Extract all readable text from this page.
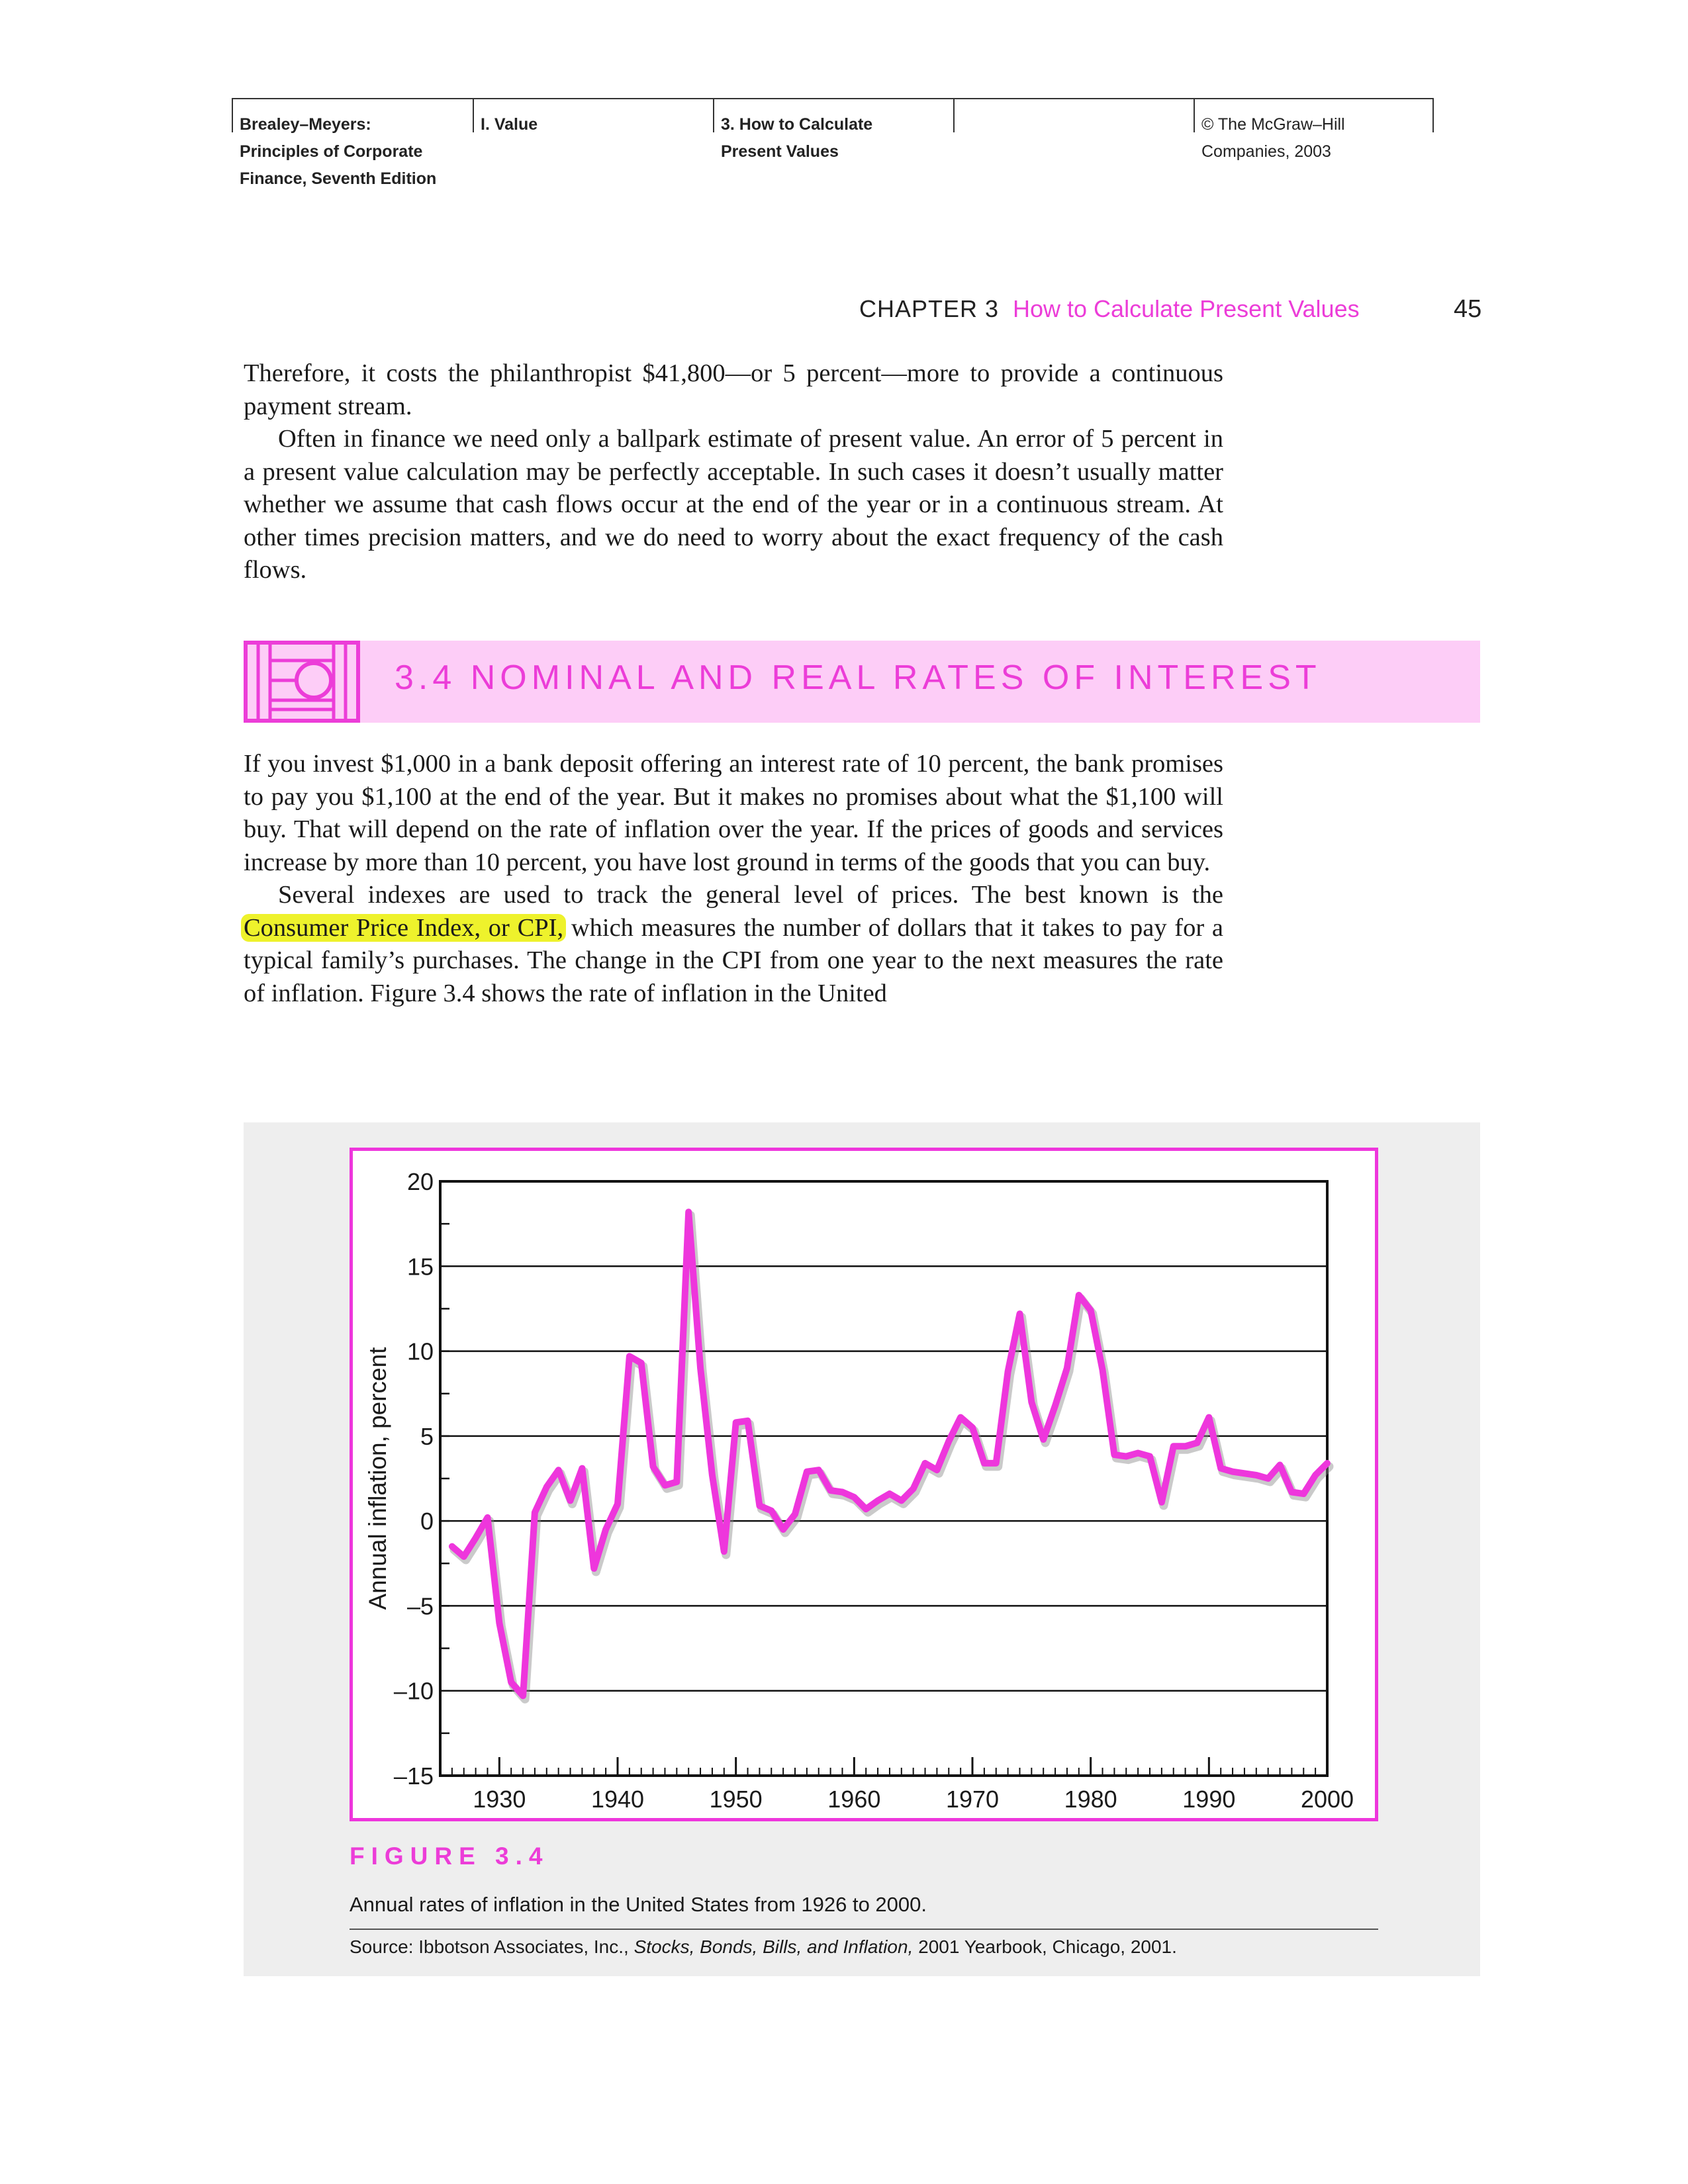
Brealey–Meyers:
Principles of Corporate
Finance, Seventh Edition
I. Value	3. How to Calculate
Present Values
© The McGraw–Hill
Companies, 2003
CHAPTER 3 How to Calculate Present Values	45

Therefore, it costs the philanthropist $41,800—or 5 percent—more to provide a continuous payment stream.

Often in finance we need only a ballpark estimate of present value. An error of 5 percent in a present value calculation may be perfectly acceptable. In such cases it doesn’t usually matter whether we assume that cash flows occur at the end of the year or in a continuous stream. At other times precision matters, and we do need to worry about the exact frequency of the cash flows.

3.4 NOMINAL AND REAL RATES OF INTEREST

If you invest $1,000 in a bank deposit offering an interest rate of 10 percent, the bank promises to pay you $1,100 at the end of the year. But it makes no promises about what the $1,100 will buy. That will depend on the rate of inflation over the year. If the prices of goods and services increase by more than 10 percent, you have lost ground in terms of the goods that you can buy.

Several indexes are used to track the general level of prices. The best known is the Consumer Price Index, or CPI, which measures the number of dollars that it takes to pay for a typical family’s purchases. The change in the CPI from one year to the next measures the rate of inflation. Figure 3.4 shows the rate of inflation in the United

20
15
10
5
0
–5
–10
–15
1930	1940	1950	1960	1970	1980	1990	2000
Annual inflation, percent
FIGURE 3.4
Annual rates of inflation in the United States from 1926 to 2000.
Source: Ibbotson Associates, Inc., Stocks, Bonds, Bills, and Inflation, 2001 Yearbook, Chicago, 2001.
